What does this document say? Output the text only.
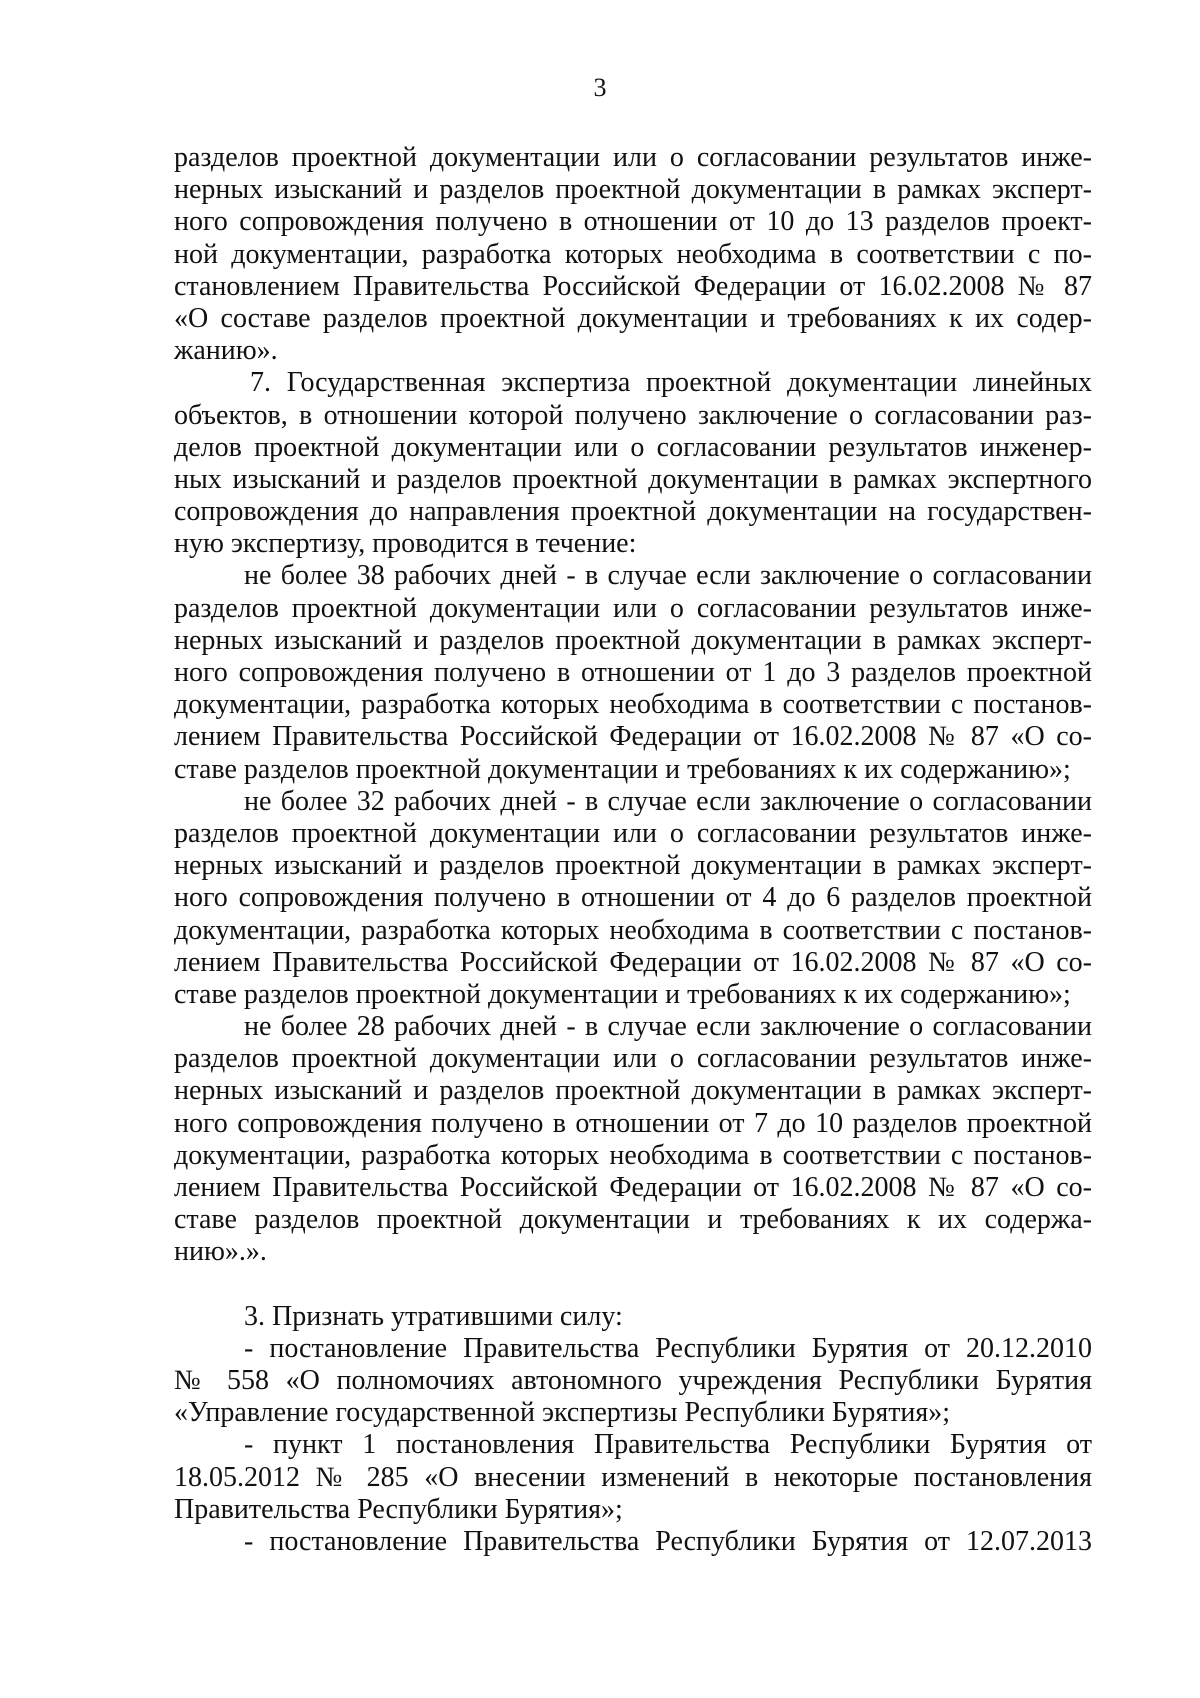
3
разделов проектной документации или о согласовании результатов инже-
нерных изысканий и разделов проектной документации в рамках эксперт-
ного сопровождения получено в отношении от 10 до 13 разделов проект-
ной документации, разработка которых необходима в соответствии с по-
становлением Правительства Российской Федерации от 16.02.2008 № 87
«О составе разделов проектной документации и требованиях к их содер-
жанию».
7. Государственная экспертиза проектной документации линейных
объектов, в отношении которой получено заключение о согласовании раз-
делов проектной документации или о согласовании результатов инженер-
ных изысканий и разделов проектной документации в рамках экспертного
сопровождения до направления проектной документации на государствен-
ную экспертизу, проводится в течение:
не более 38 рабочих дней - в случае если заключение о согласовании
разделов проектной документации или о согласовании результатов инже-
нерных изысканий и разделов проектной документации в рамках эксперт-
ного сопровождения получено в отношении от 1 до 3 разделов проектной
документации, разработка которых необходима в соответствии с постанов-
лением Правительства Российской Федерации от 16.02.2008 № 87 «О со-
ставе разделов проектной документации и требованиях к их содержанию»;
не более 32 рабочих дней - в случае если заключение о согласовании
разделов проектной документации или о согласовании результатов инже-
нерных изысканий и разделов проектной документации в рамках эксперт-
ного сопровождения получено в отношении от 4 до 6 разделов проектной
документации, разработка которых необходима в соответствии с постанов-
лением Правительства Российской Федерации от 16.02.2008 № 87 «О со-
ставе разделов проектной документации и требованиях к их содержанию»;
не более 28 рабочих дней - в случае если заключение о согласовании
разделов проектной документации или о согласовании результатов инже-
нерных изысканий и разделов проектной документации в рамках эксперт-
ного сопровождения получено в отношении от 7 до 10 разделов проектной
документации, разработка которых необходима в соответствии с постанов-
лением Правительства Российской Федерации от 16.02.2008 № 87 «О со-
ставе разделов проектной документации и требованиях к их содержа-
нию».».
3. Признать утратившими силу:
- постановление Правительства Республики Бурятия от 20.12.2010
№ 558 «О полномочиях автономного учреждения Республики Бурятия
«Управление государственной экспертизы Республики Бурятия»;
- пункт 1 постановления Правительства Республики Бурятия от
18.05.2012 № 285 «О внесении изменений в некоторые постановления
Правительства Республики Бурятия»;
- постановление Правительства Республики Бурятия от 12.07.2013
